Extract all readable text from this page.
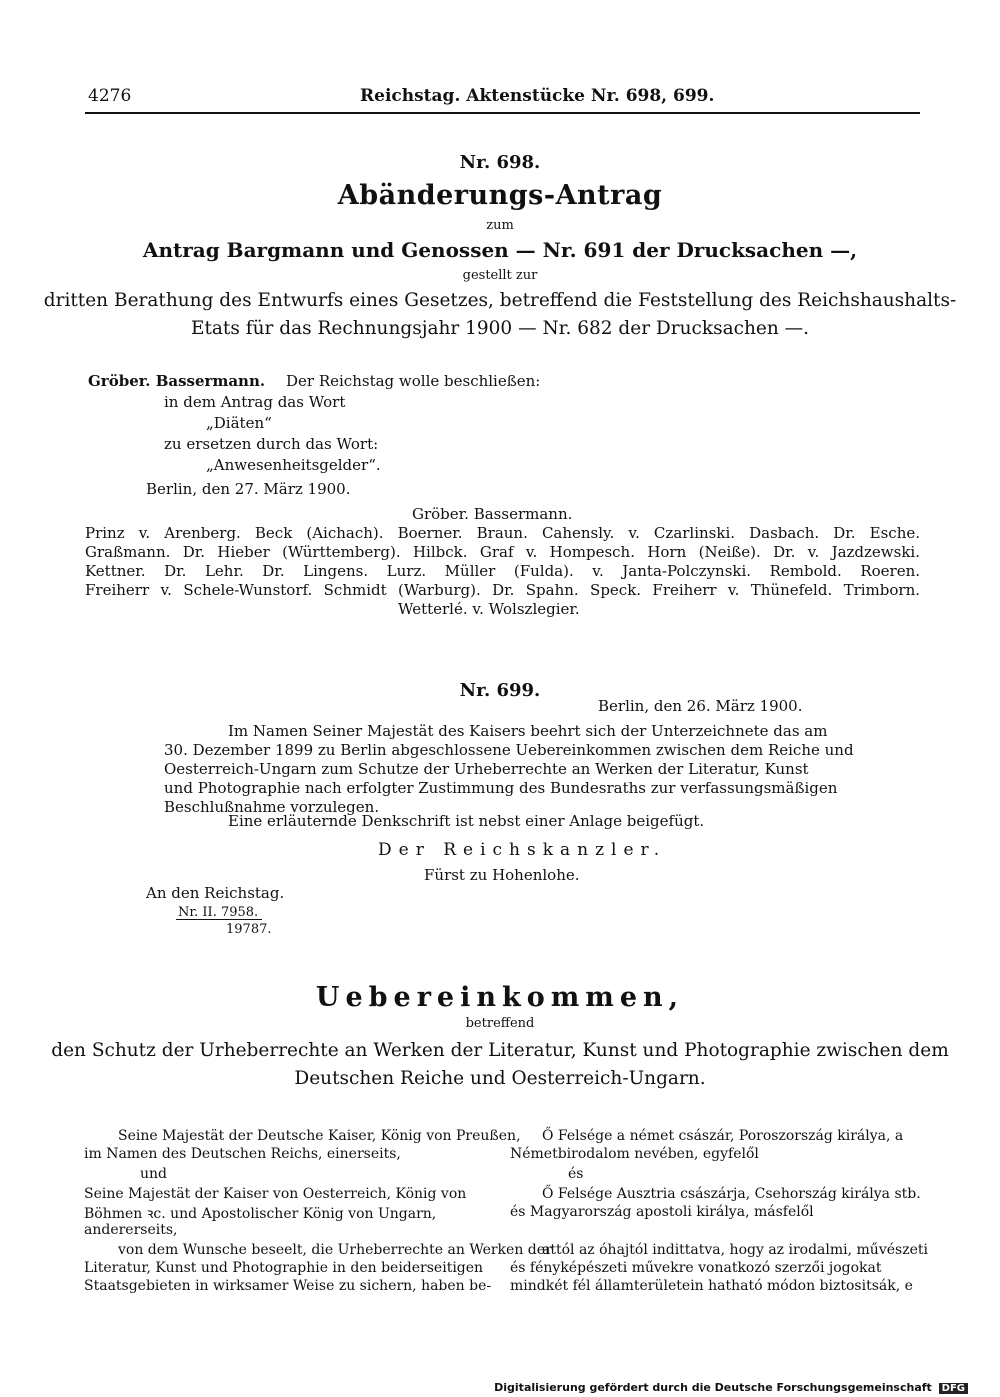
4276	Reichstag. Aktenstücke Nr. 698, 699.
Nr. 698.
Abänderungs-Antrag
zum
Antrag Bargmann und Genossen — Nr. 691 der Drucksachen —,
gestellt zur
dritten Berathung des Entwurfs eines Gesetzes, betreffend die Feststellung des Reichshaushalts-
Etats für das Rechnungsjahr 1900 — Nr. 682 der Drucksachen —.
Gröber. Bassermann. Der Reichstag wolle beschließen:
in dem Antrag das Wort
„Diäten“
zu ersetzen durch das Wort:
„Anwesenheitsgelder“.
Berlin, den 27. März 1900.
Gröber. Bassermann.
Prinz v. Arenberg. Beck (Aichach). Boerner. Braun. Cahensly. v. Czarlinski. Dasbach. Dr. Esche.
Graßmann. Dr. Hieber (Württemberg). Hilbck. Graf v. Hompesch. Horn (Neiße). Dr. v. Jazdzewski.
Kettner. Dr. Lehr. Dr. Lingens. Lurz. Müller (Fulda). v. Janta-Polczynski. Rembold. Roeren.
Freiherr v. Schele-Wunstorf. Schmidt (Warburg). Dr. Spahn. Speck. Freiherr v. Thünefeld. Trimborn.
Wetterlé. v. Wolszlegier.
Nr. 699.
Berlin, den 26. März 1900.
Im Namen Seiner Majestät des Kaisers beehrt sich der Unterzeichnete das am
30. Dezember 1899 zu Berlin abgeschlossene Uebereinkommen zwischen dem Reiche und
Oesterreich-Ungarn zum Schutze der Urheberrechte an Werken der Literatur, Kunst
und Photographie nach erfolgter Zustimmung des Bundesraths zur verfassungsmäßigen
Beschlußnahme vorzulegen.
Eine erläuternde Denkschrift ist nebst einer Anlage beigefügt.
Der Reichskanzler.
Fürst zu Hohenlohe.
An den Reichstag.
Nr. II. 7958.
19787.
Uebereinkommen,
betreffend
den Schutz der Urheberrechte an Werken der Literatur, Kunst und Photographie zwischen dem
Deutschen Reiche und Oesterreich-Ungarn.
Seine Majestät der Deutsche Kaiser, König von Preußen,
im Namen des Deutschen Reichs, einerseits,
und
Seine Majestät der Kaiser von Oesterreich, König von
Böhmen ꝛc. und Apostolischer König von Ungarn,
andererseits,
von dem Wunsche beseelt, die Urheberrechte an Werken der
Literatur, Kunst und Photographie in den beiderseitigen
Staatsgebieten in wirksamer Weise zu sichern, haben be-
Ő Felsége a német császár, Poroszország királya, a
Németbirodalom nevében, egyfelől
és
Ő Felsége Ausztria császárja, Csehország királya stb.
és Magyarország apostoli királya, másfelől
attól az óhajtól indittatva, hogy az irodalmi, művészeti
és fényképészeti művekre vonatkozó szerzői jogokat
mindkét fél államterületein hatható módon biztositsák, e
Digitalisierung gefördert durch die Deutsche Forschungsgemeinschaft DFG
